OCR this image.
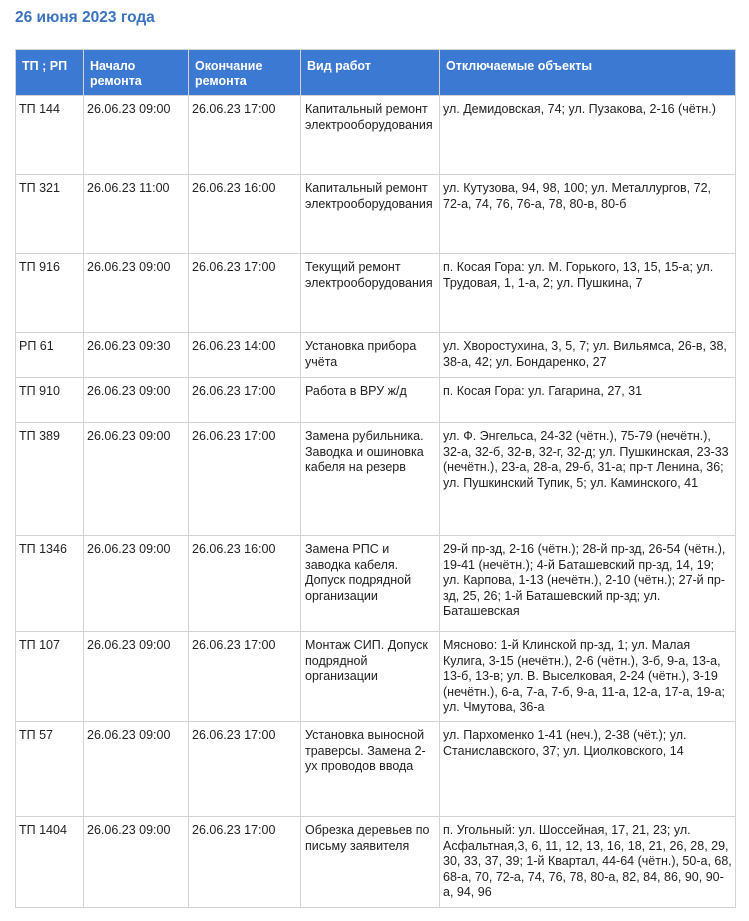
26 июня 2023 года
ТП ; РП	Начало ремонта	Окончание ремонта	Вид работ	Отключаемые объекты
ТП 144	26.06.23 09:00	26.06.23 17:00	Капитальный ремонт электрооборудования	ул. Демидовская, 74; ул. Пузакова, 2-16 (чётн.)
ТП 321	26.06.23 11:00	26.06.23 16:00	Капитальный ремонт электрооборудования	ул. Кутузова, 94, 98, 100; ул. Металлургов, 72, 72-а, 74, 76, 76-а, 78, 80-в, 80-б
ТП 916	26.06.23 09:00	26.06.23 17:00	Текущий ремонт электрооборудования	п. Косая Гора: ул. М. Горького, 13, 15, 15-а; ул. Трудовая, 1, 1-а, 2; ул. Пушкина, 7
РП 61	26.06.23 09:30	26.06.23 14:00	Установка прибора учёта	ул. Хворостухина, 3, 5, 7; ул. Вильямса, 26-в, 38, 38-а, 42; ул. Бондаренко, 27
ТП 910	26.06.23 09:00	26.06.23 17:00	Работа в ВРУ ж/д	п. Косая Гора: ул. Гагарина, 27, 31
ТП 389	26.06.23 09:00	26.06.23 17:00	Замена рубильника. Заводка и ошиновка кабеля на резерв	ул. Ф. Энгельса, 24-32 (чётн.), 75-79 (нечётн.), 32-а, 32-б, 32-в, 32-г, 32-д; ул. Пушкинская, 23-33 (нечётн.), 23-а, 28-а, 29-б, 31-а; пр-т Ленина, 36; ул. Пушкинский Тупик, 5; ул. Каминского, 41
ТП 1346	26.06.23 09:00	26.06.23 16:00	Замена РПС и заводка кабеля. Допуск подрядной организации	29-й пр-зд, 2-16 (чётн.); 28-й пр-зд, 26-54 (чётн.), 19-41 (нечётн.); 4-й Баташевский пр-зд, 14, 19; ул. Карпова, 1-13 (нечётн.), 2-10 (чётн.); 27-й пр-зд, 25, 26; 1-й Баташевский пр-зд; ул. Баташевская
ТП 107	26.06.23 09:00	26.06.23 17:00	Монтаж СИП. Допуск подрядной организации	Мясново: 1-й Клинской пр-зд, 1; ул. Малая Кулига, 3-15 (нечётн.), 2-6 (чётн.), 3-б, 9-а, 13-а, 13-б, 13-в; ул. В. Выселковая, 2-24 (чётн.), 3-19 (нечётн.), 6-а, 7-а, 7-б, 9-а, 11-а, 12-а, 17-а, 19-а; ул. Чмутова, 36-а
ТП 57	26.06.23 09:00	26.06.23 17:00	Установка выносной траверсы. Замена 2-ух проводов ввода	ул. Пархоменко 1-41 (неч.), 2-38 (чёт.); ул. Станиславского, 37; ул. Циолковского, 14
ТП 1404	26.06.23 09:00	26.06.23 17:00	Обрезка деревьев по письму заявителя	п. Угольный: ул. Шоссейная, 17, 21, 23; ул. Асфальтная,3, 6, 11, 12, 13, 16, 18, 21, 26, 28, 29, 30, 33, 37, 39; 1-й Квартал, 44-64 (чётн.), 50-а, 68, 68-а, 70, 72-а, 74, 76, 78, 80-а, 82, 84, 86, 90, 90-а, 94, 96
